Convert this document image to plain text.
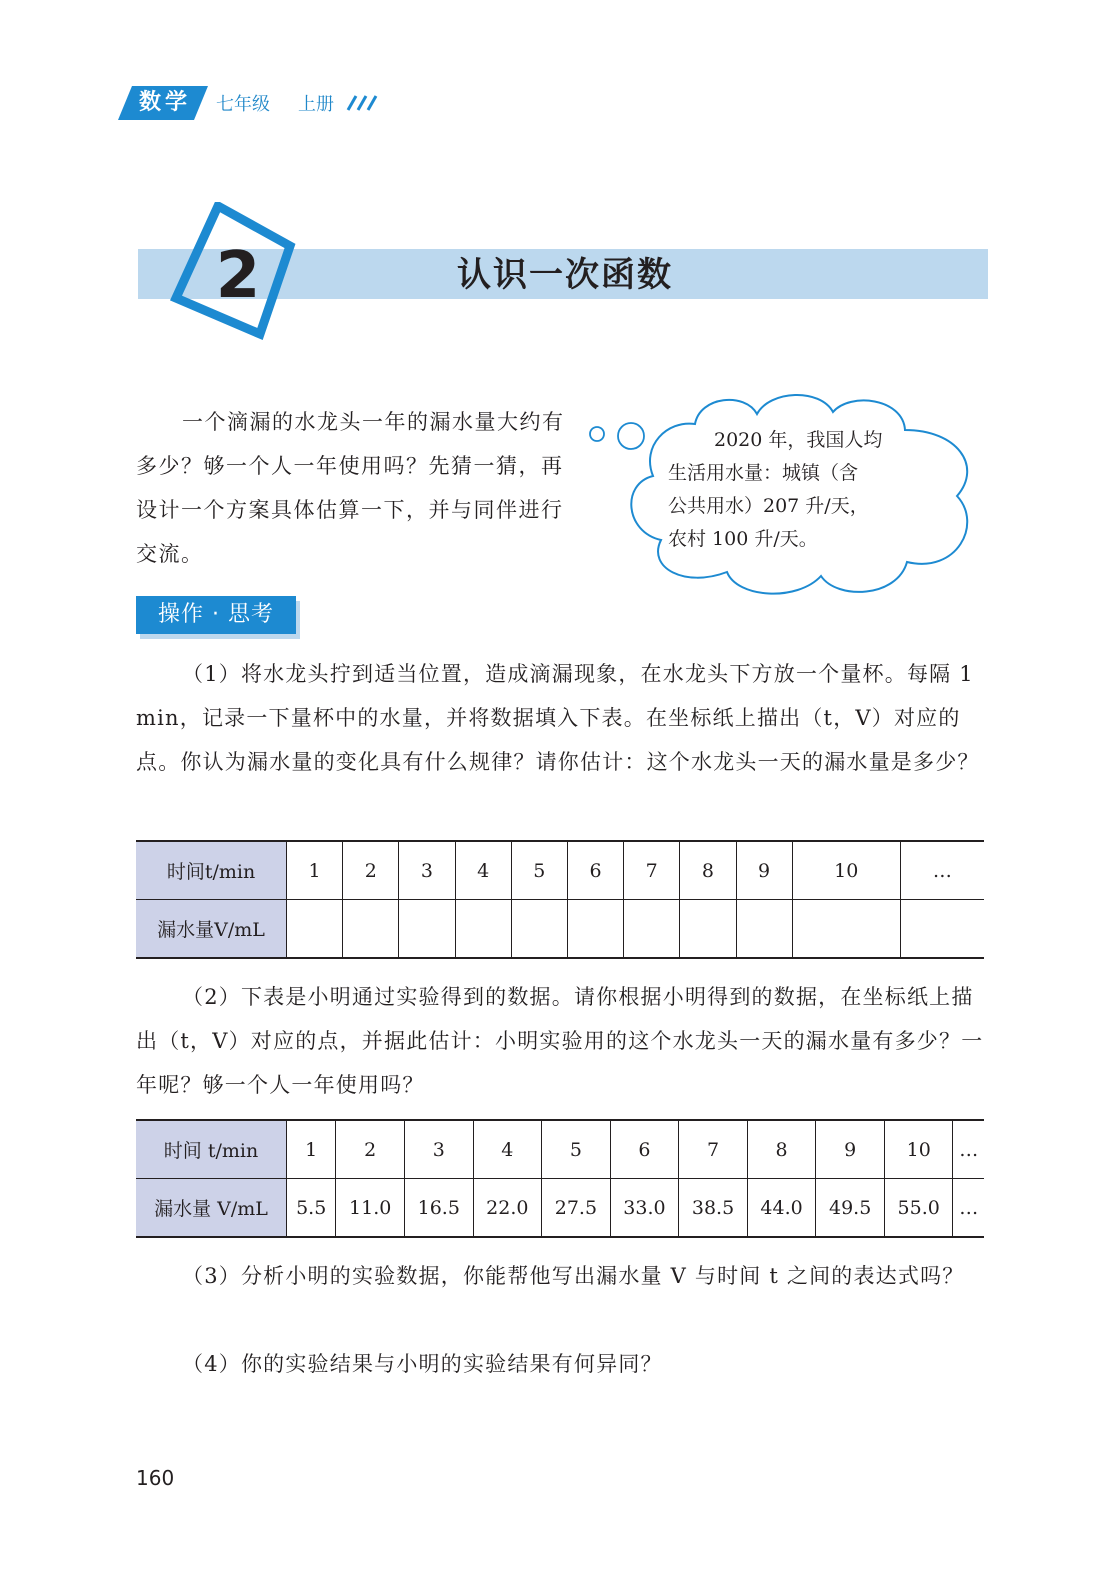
数学	七年级 上册
2	认识一次函数

一个滴漏的水龙头一年的漏水量大约有多少？够一个人一年使用吗？先猜一猜，再设计一个方案具体估算一下，并与同伴进行交流。

2020 年，我国人均
生活用水量：城镇（含
公共用水）207 升/天，
农村 100 升/天。
操作 · 思考

（1）将水龙头拧到适当位置，造成滴漏现象，在水龙头下方放一个量杯。每隔 1 min，记录一下量杯中的水量，并将数据填入下表。在坐标纸上描出（t，V）对应的点。你认为漏水量的变化具有什么规律？请你估计：这个水龙头一天的漏水量是多少？

时间t/min	1	2	3	4	5	6	7	8	9	10	…
漏水量V/mL											

（2）下表是小明通过实验得到的数据。请你根据小明得到的数据，在坐标纸上描出（t，V）对应的点，并据此估计：小明实验用的这个水龙头一天的漏水量有多少？一年呢？够一个人一年使用吗？

时间 t/min	1	2	3	4	5	6	7	8	9	10	…
漏水量 V/mL	5.5	11.0	16.5	22.0	27.5	33.0	38.5	44.0	49.5	55.0	…

（3）分析小明的实验数据，你能帮他写出漏水量 V 与时间 t 之间的表达式吗？

（4）你的实验结果与小明的实验结果有何异同？

160
